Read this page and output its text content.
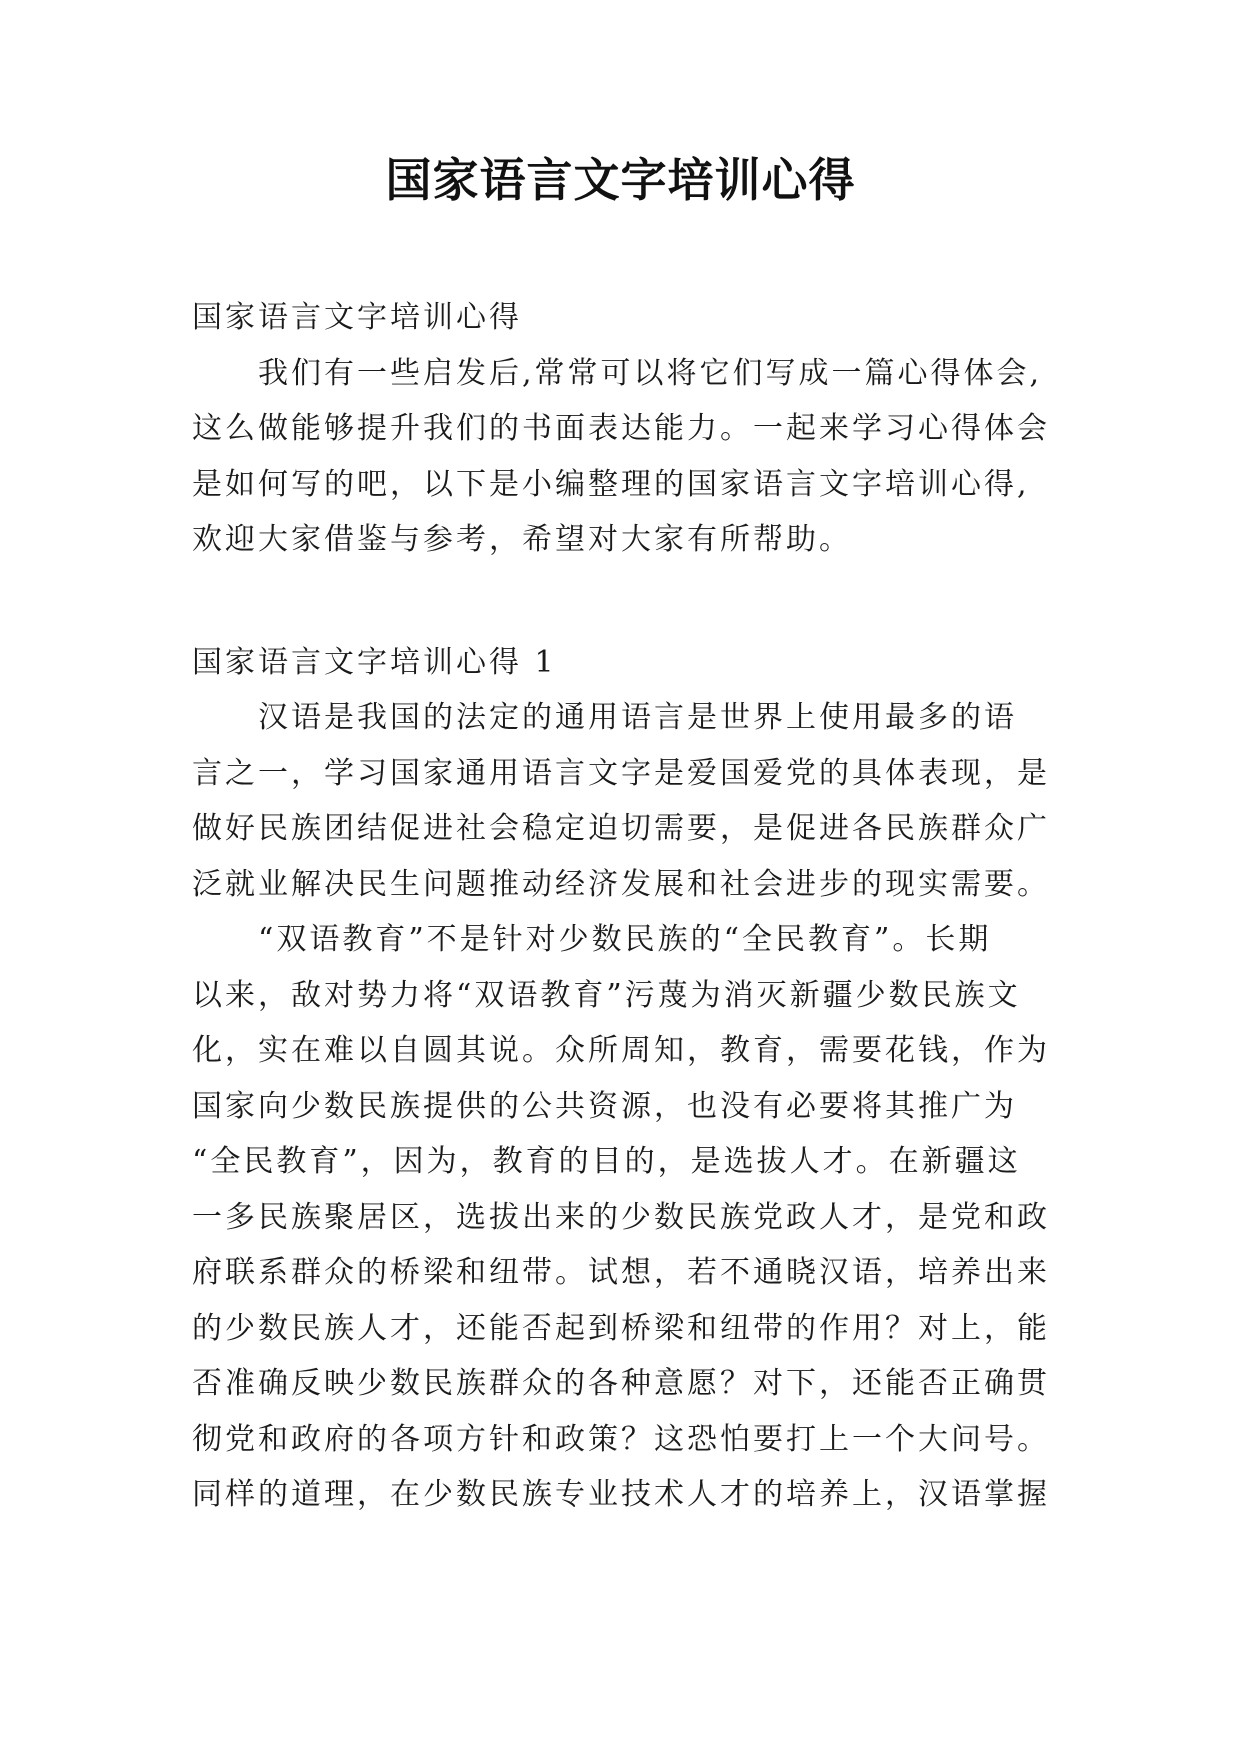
国家语言文字培训心得
国家语言文字培训心得
我们有一些启发后,常常可以将它们写成一篇心得体会,
这么做能够提升我们的书面表达能力。一起来学习心得体会
是如何写的吧，以下是小编整理的国家语言文字培训心得,
欢迎大家借鉴与参考，希望对大家有所帮助。
国家语言文字培训心得 1
汉语是我国的法定的通用语言是世界上使用最多的语
言之一，学习国家通用语言文字是爱国爱党的具体表现，是
做好民族团结促进社会稳定迫切需要，是促进各民族群众广
泛就业解决民生问题推动经济发展和社会进步的现实需要。
“双语教育”不是针对少数民族的“全民教育”。长期
以来，敌对势力将“双语教育”污蔑为消灭新疆少数民族文
化，实在难以自圆其说。众所周知，教育，需要花钱，作为
国家向少数民族提供的公共资源，也没有必要将其推广为
“全民教育”，因为，教育的目的，是选拔人才。在新疆这
一多民族聚居区，选拔出来的少数民族党政人才，是党和政
府联系群众的桥梁和纽带。试想，若不通晓汉语，培养出来
的少数民族人才，还能否起到桥梁和纽带的作用？对上，能
否准确反映少数民族群众的各种意愿？对下，还能否正确贯
彻党和政府的各项方针和政策？这恐怕要打上一个大问号。
同样的道理，在少数民族专业技术人才的培养上，汉语掌握
